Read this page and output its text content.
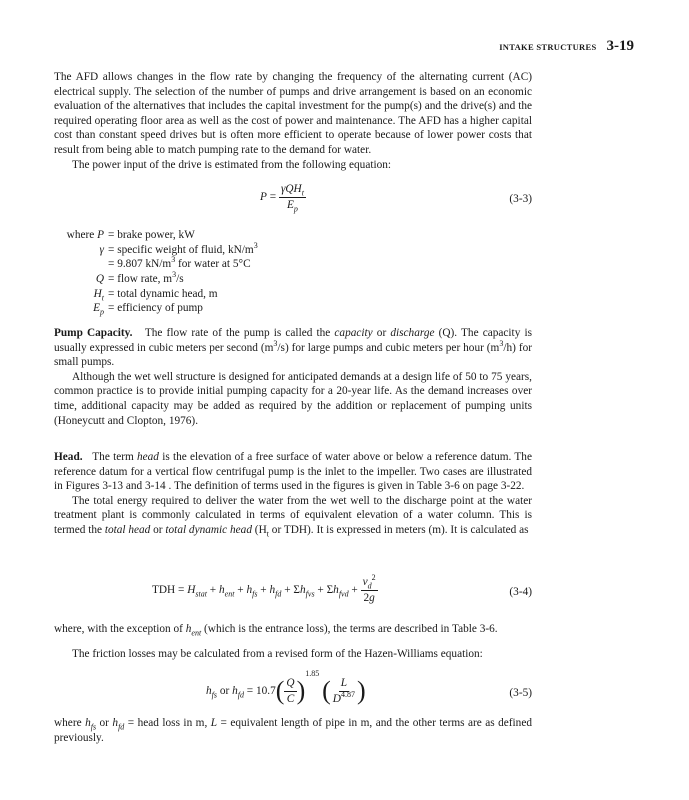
INTAKE STRUCTURES 3-19

The AFD allows changes in the flow rate by changing the frequency of the alternating current (AC) electrical supply. The selection of the number of pumps and drive arrangement is based on an economic evaluation of the alternatives that includes the capital investment for the pump(s) and the drive(s) and the required operating floor area as well as the cost of power and maintenance. The AFD has a higher capital cost than constant speed drives but is often more efficient to operate because of lower power costs that result from being able to match pumping rate to the demand for water.

The power input of the drive is estimated from the following equation:

$P = \frac{\gamma QH_t}{E_p}$	(3-3)
where P = brake power, kW
γ = specific weight of fluid, $kN/m^3$
= 9.807 $kN/m^3$ for water at 5°C
Q = flow rate, $m^3/s$
$H_t$ = total dynamic head, m
$E_p$ = efficiency of pump

Pump Capacity. The flow rate of the pump is called the capacity or discharge (Q). The capacity is usually expressed in cubic meters per second $(m^3/s)$ for large pumps and cubic meters per hour $(m^3/h)$ for small pumps.

Although the wet well structure is designed for anticipated demands at a design life of 50 to 75 years, common practice is to provide initial pumping capacity for a 20-year life. As the demand increases over time, additional capacity may be added as required by the addition or replacement of pumping units (Honeycutt and Clopton, 1976).

Head. The term head is the elevation of a free surface of water above or below a reference datum. The reference datum for a vertical flow centrifugal pump is the inlet to the impeller. Two cases are illustrated in Figures 3-13 and 3-14 . The definition of terms used in the figures is given in Table 3-6 on page 3-22.

The total energy required to deliver the water from the wet well to the discharge point at the water treatment plant is commonly calculated in terms of equivalent elevation of a water column. This is termed the total head or total dynamic head ($H_t$ or TDH). It is expressed in meters (m). It is calculated as

TDH = $H_{stat} + h_{ent} + h_{fs} + h_{fd} + \Sigma h_{fvs} + \Sigma h_{fvd} + \frac{v_d^2}{2g}$	(3-4)

where, with the exception of $h_{ent}$ (which is the entrance loss), the terms are described in Table 3-6.

The friction losses may be calculated from a revised form of the Hazen-Williams equation:

$h_{fs}$ or $h_{fd} = 10.7( \frac{Q}{C} )^{1.85}$ ( $\frac{L}{D^{4.87}}$ )	(3-5)

where $h_{fs}$ or $h_{fd}$ = head loss in m, L = equivalent length of pipe in m, and the other terms are as defined previously.
